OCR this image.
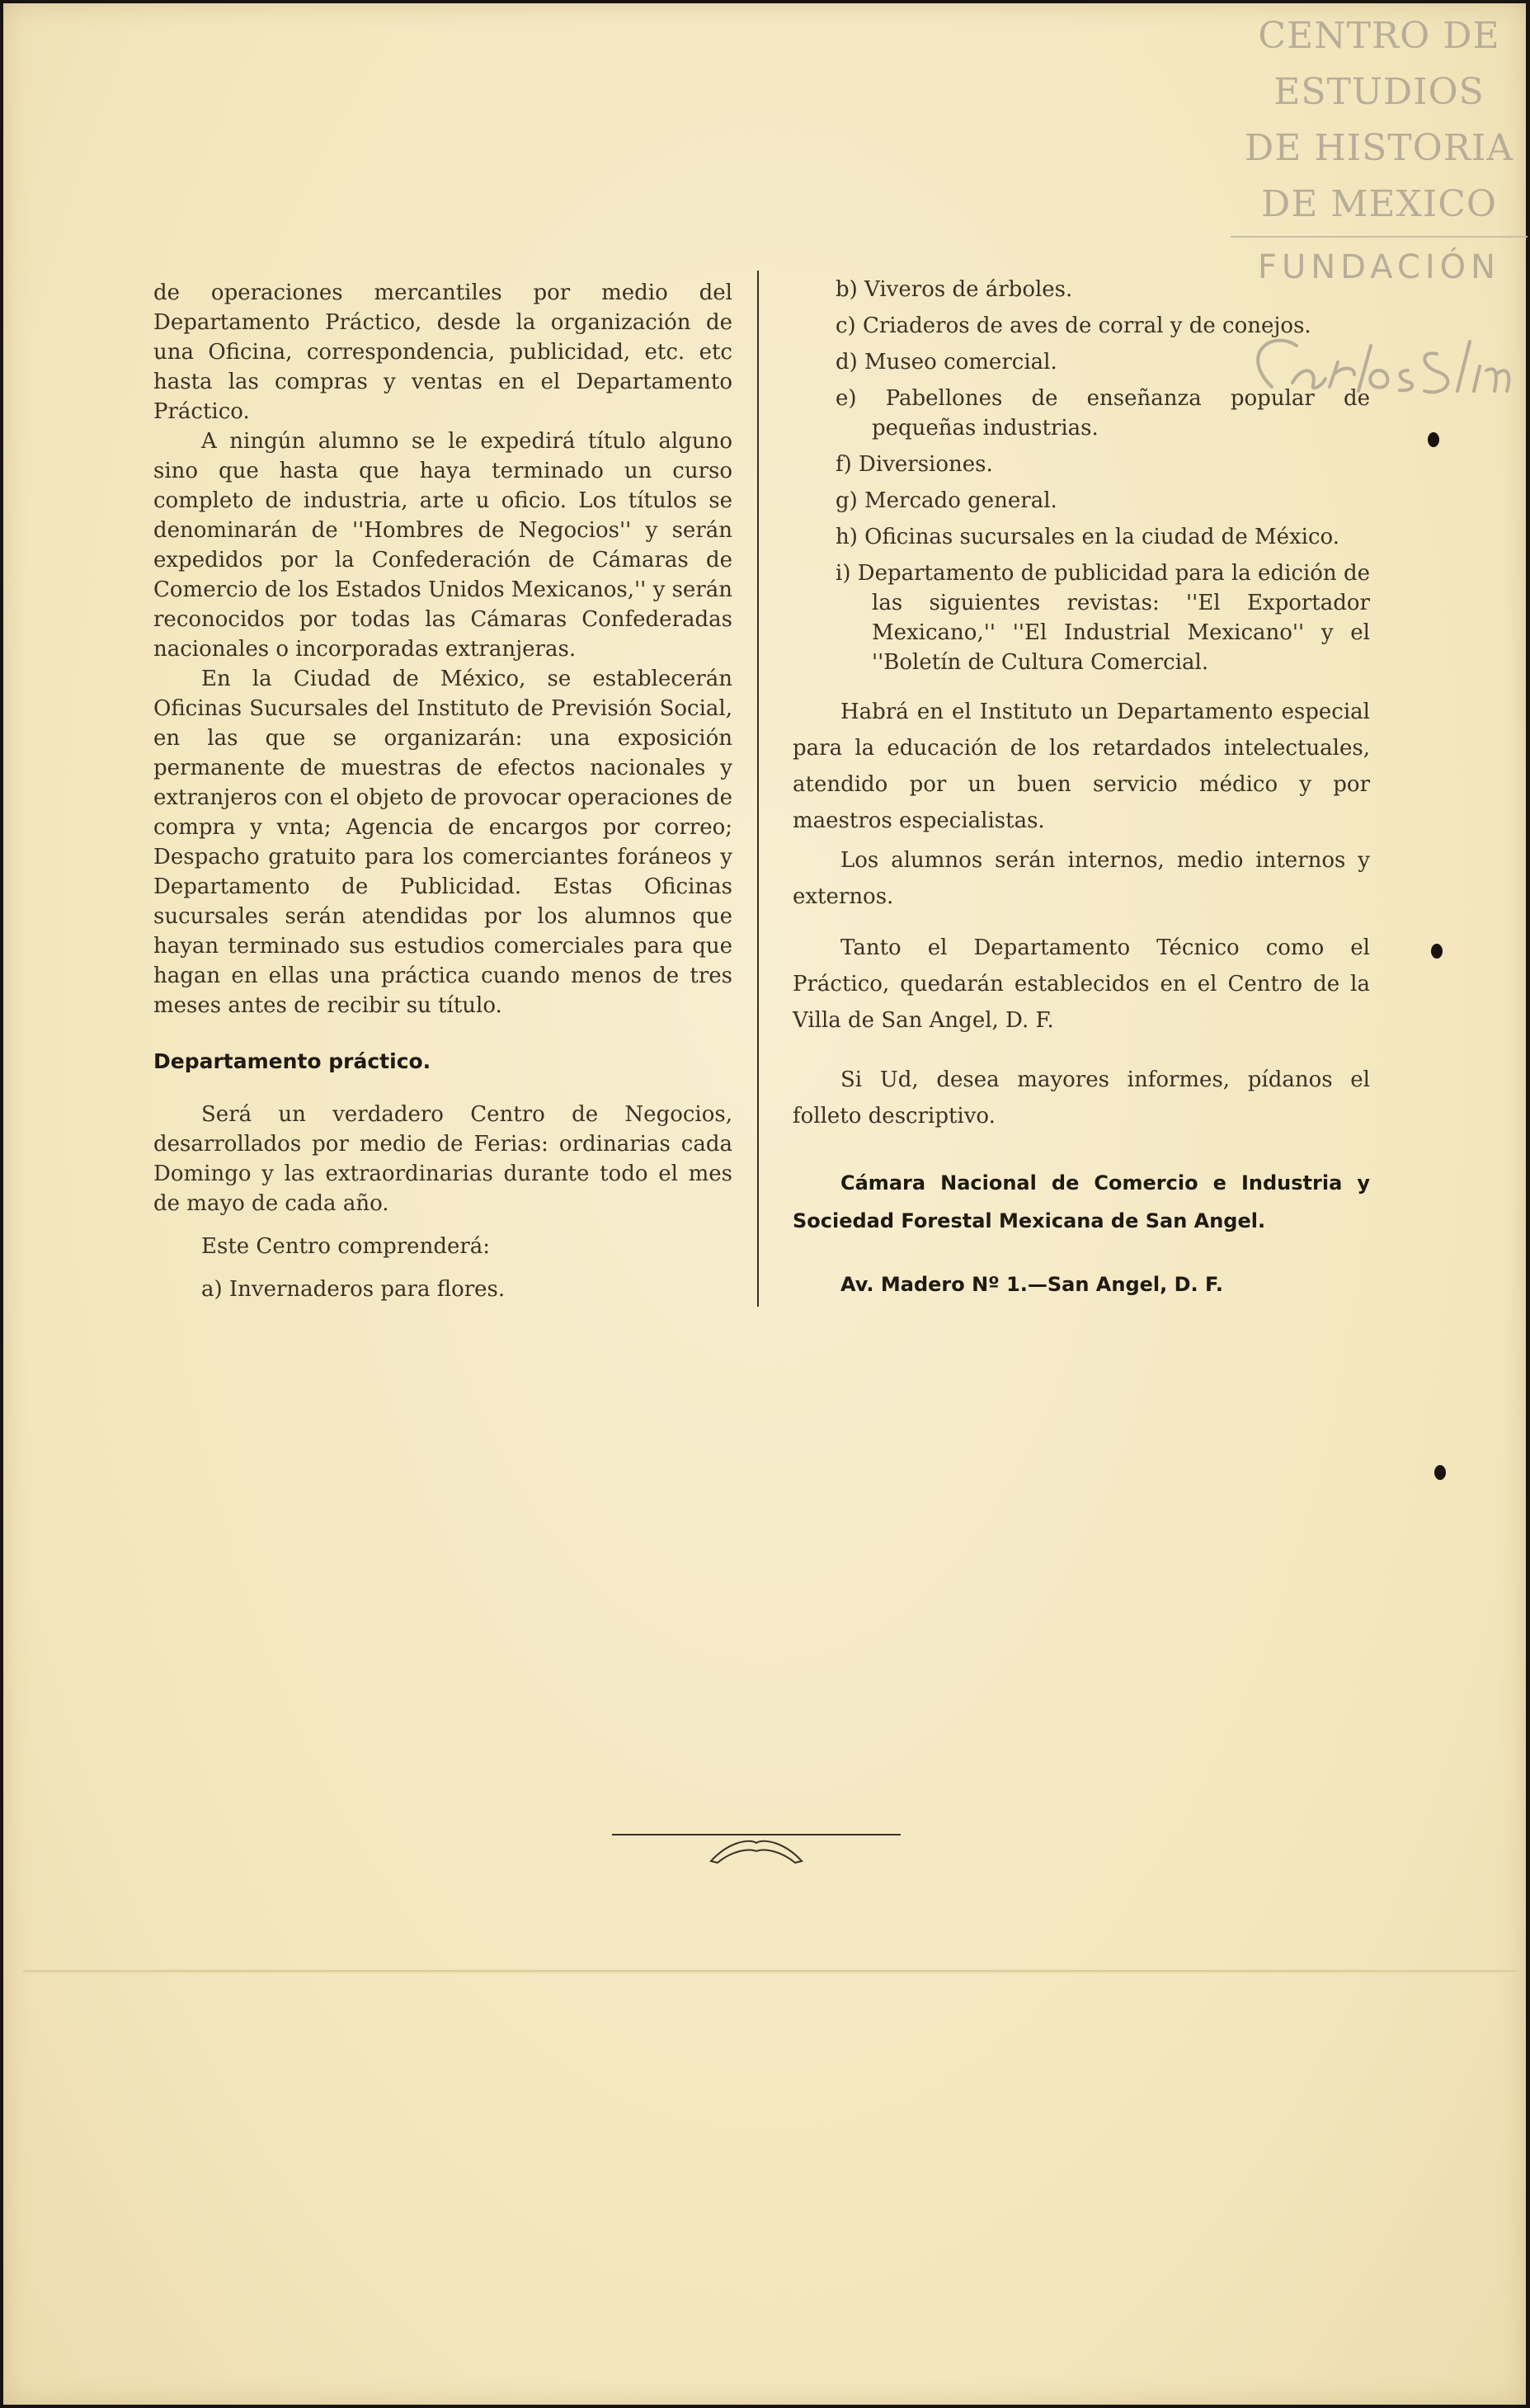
CENTRO DE
ESTUDIOS
DE HISTORIA
DE MEXICO
FUNDACIÓN

de operaciones mercantiles por medio del Departamento Práctico, desde la organización de una Oficina, correspondencia, publicidad, etc. etc hasta las compras y ventas en el Departamento Práctico.

A ningún alumno se le expedirá título alguno sino que hasta que haya terminado un curso completo de industria, arte u oficio. Los títulos se denominarán de ''Hombres de Negocios'' y serán expedidos por la Confederación de Cámaras de Comercio de los Estados Unidos Mexicanos,'' y serán reconocidos por todas las Cámaras Confederadas nacionales o incorporadas extranjeras.

En la Ciudad de México, se establecerán Oficinas Sucursales del Instituto de Previsión Social, en las que se organizarán: una exposición permanente de muestras de efectos nacionales y extranjeros con el objeto de provocar operaciones de compra y vnta; Agencia de encargos por correo; Despacho gratuito para los comerciantes foráneos y Departamento de Publicidad. Estas Oficinas sucursales serán atendidas por los alumnos que hayan terminado sus estudios comerciales para que hagan en ellas una práctica cuando menos de tres meses antes de recibir su título.

Departamento práctico.

Será un verdadero Centro de Negocios, desarrollados por medio de Ferias: ordinarias cada Domingo y las extraordinarias durante todo el mes de mayo de cada año.

Este Centro comprenderá:

a) Invernaderos para flores.

b) Viveros de árboles.

c) Criaderos de aves de corral y de conejos.

d) Museo comercial.

e) Pabellones de enseñanza popular de pequeñas industrias.

f) Diversiones.

g) Mercado general.

h) Oficinas sucursales en la ciudad de México.

i) Departamento de publicidad para la edición de las siguientes revistas: ''El Exportador Mexicano,'' ''El Industrial Mexicano'' y el ''Boletín de Cultura Comercial.

Habrá en el Instituto un Departamento especial para la educación de los retardados intelectuales, atendido por un buen servicio médico y por maestros especialistas.

Los alumnos serán internos, medio internos y externos.

Tanto el Departamento Técnico como el Práctico, quedarán establecidos en el Centro de la Villa de San Angel, D. F.

Si Ud, desea mayores informes, pídanos el folleto descriptivo.

Cámara Nacional de Comercio e Industria y Sociedad Forestal Mexicana de San Angel.

Av. Madero Nº 1.—San Angel, D. F.
